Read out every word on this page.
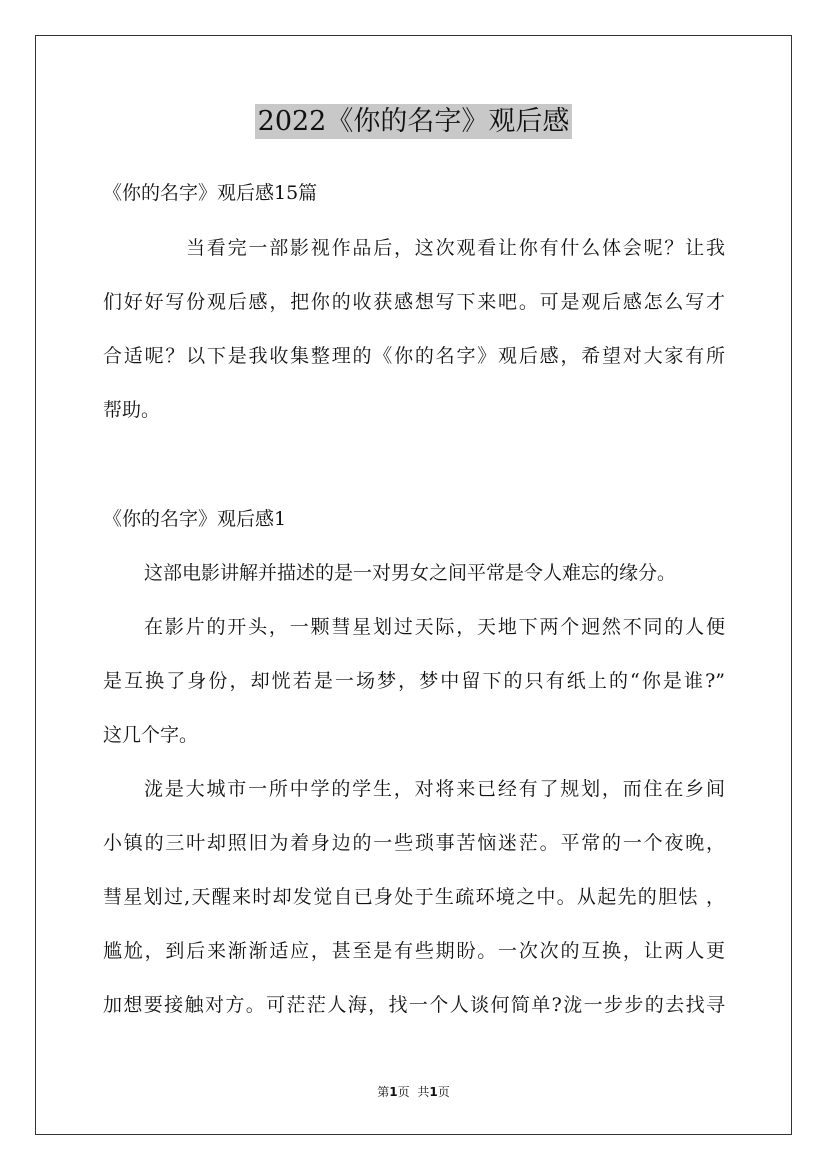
2022《你的名字》观后感
《你的名字》观后感15篇
当看完一部影视作品后，这次观看让你有什么体会呢？让我
们好好写份观后感，把你的收获感想写下来吧。可是观后感怎么写才
合适呢？以下是我收集整理的《你的名字》观后感，希望对大家有所
帮助。
《你的名字》观后感1
这部电影讲解并描述的是一对男女之间平常是令人难忘的缘分。
在影片的开头，一颗彗星划过天际，天地下两个迥然不同的人便
是互换了身份，却恍若是一场梦，梦中留下的只有纸上的“你是谁?”
这几个字。
泷是大城市一所中学的学生，对将来已经有了规划，而住在乡间
小镇的三叶却照旧为着身边的一些琐事苦恼迷茫。平常的一个夜晚，
彗星划过,天醒来时却发觉自已身处于生疏环境之中。从起先的胆怯 ，
尴尬，到后来渐渐适应，甚至是有些期盼。一次次的互换，让两人更
加想要接触对方。可茫茫人海，找一个人谈何简单?泷一步步的去找寻
第1页 共1页
